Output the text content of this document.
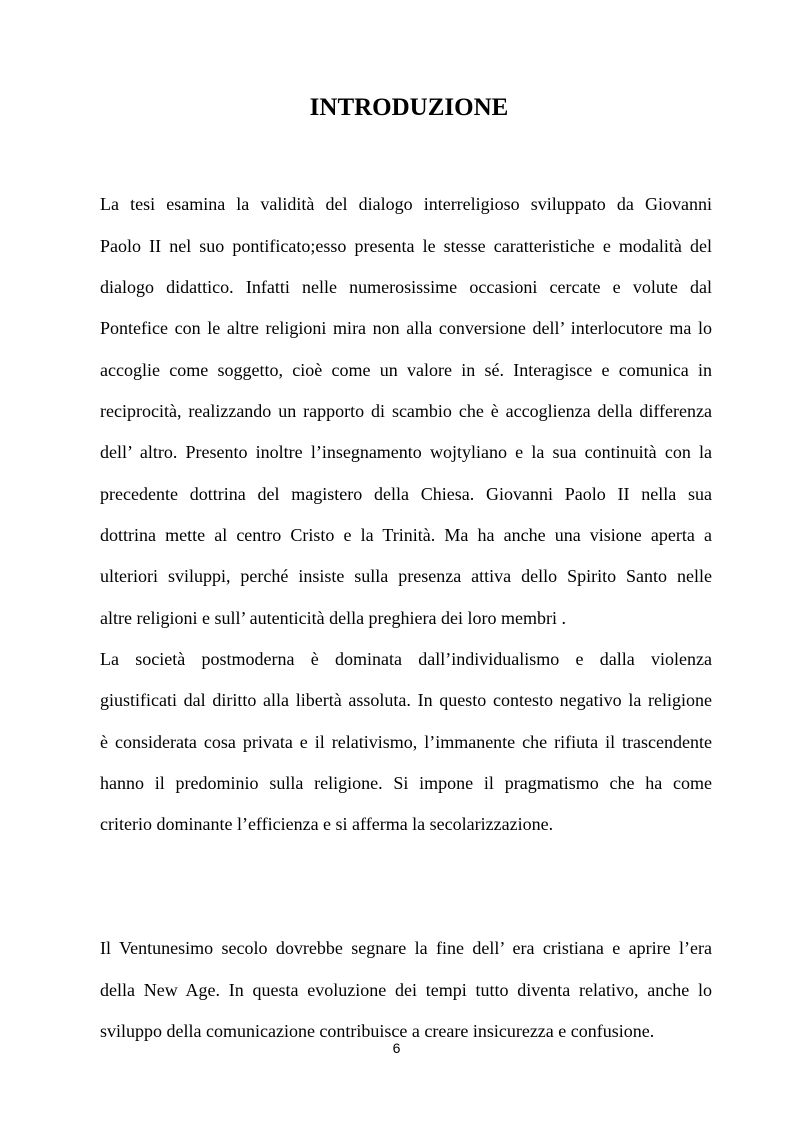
INTRODUZIONE

La tesi esamina la validità del dialogo interreligioso sviluppato da Giovanni

Paolo II nel suo pontificato;esso presenta le stesse caratteristiche e modalità del

dialogo didattico. Infatti nelle numerosissime occasioni cercate e volute dal

Pontefice con le altre religioni mira non alla conversione dell’ interlocutore ma lo

accoglie come soggetto, cioè come un valore in sé. Interagisce e comunica in

reciprocità, realizzando un rapporto di scambio che è accoglienza della differenza

dell’ altro. Presento inoltre l’insegnamento wojtyliano e la sua continuità con la

precedente dottrina del magistero della Chiesa. Giovanni Paolo II nella sua

dottrina mette al centro Cristo e la Trinità. Ma ha anche una visione aperta a

ulteriori sviluppi, perché insiste sulla presenza attiva dello Spirito Santo nelle

altre religioni e sull’ autenticità della preghiera dei loro membri .

La società postmoderna è dominata dall’individualismo e dalla violenza

giustificati dal diritto alla libertà assoluta. In questo contesto negativo la religione

è considerata cosa privata e il relativismo, l’immanente che rifiuta il trascendente

hanno il predominio sulla religione. Si impone il pragmatismo che ha come

criterio dominante l’efficienza e si afferma la secolarizzazione.

Il Ventunesimo secolo dovrebbe segnare la fine dell’ era cristiana e aprire l’era

della New Age. In questa evoluzione dei tempi tutto diventa relativo, anche lo

sviluppo della comunicazione contribuisce a creare insicurezza e confusione.

6
